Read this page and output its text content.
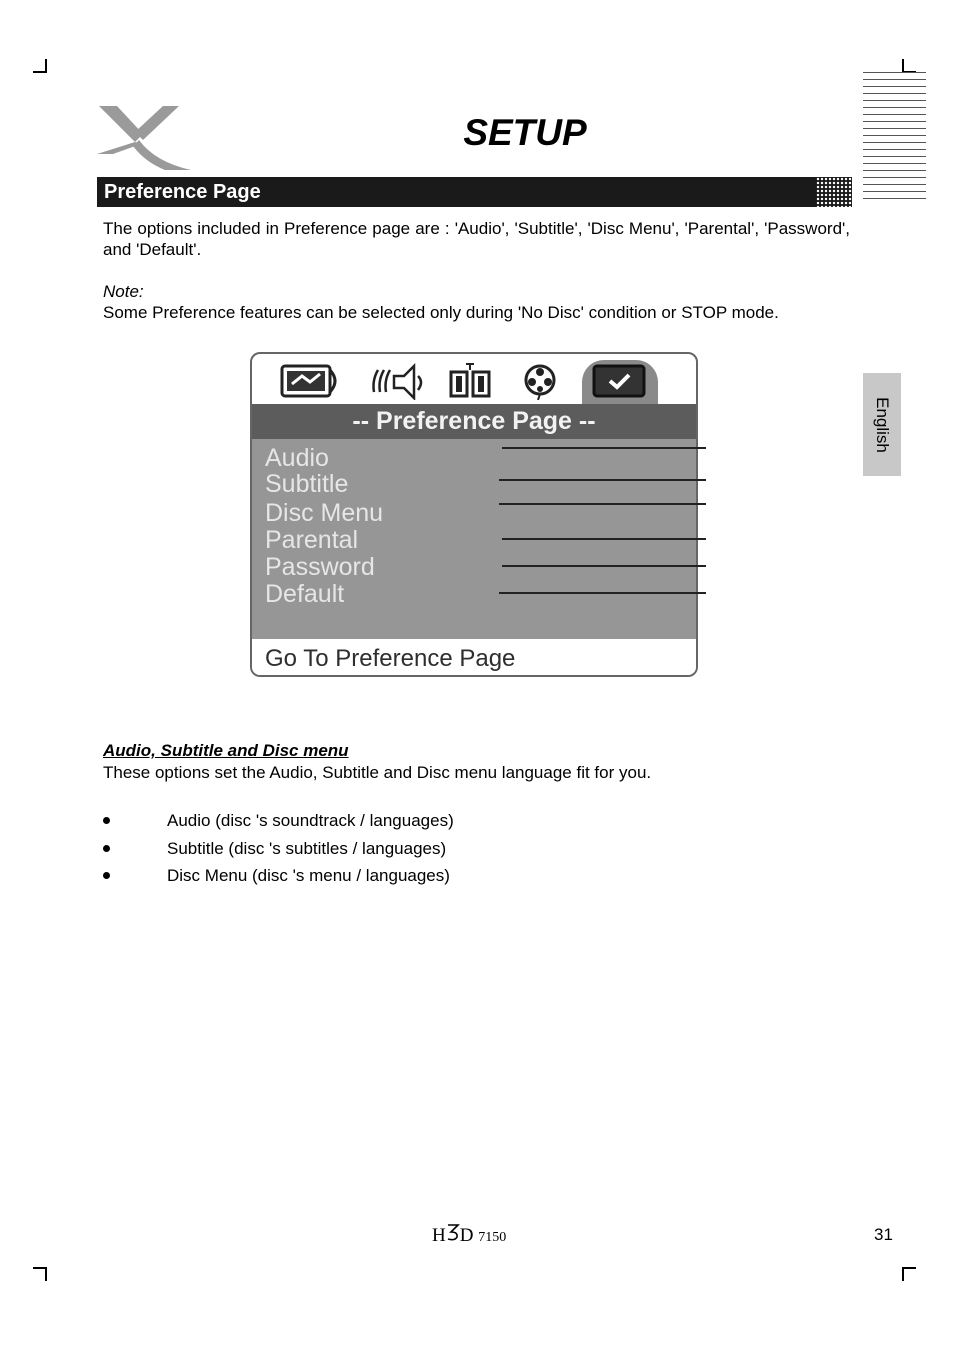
SETUP
Preference Page
English
The options included in Preference page are : 'Audio', 'Subtitle', 'Disc Menu', 'Parental', 'Password', and 'Default'.
Note:
Some Preference features can be selected only during 'No Disc' condition or STOP mode.
-- Preference Page --
Audio
Subtitle
Disc Menu
Parental
Password
Default
Go To Preference Page
Audio, Subtitle and Disc menu
These options set the Audio, Subtitle and Disc menu language fit for you.
Audio (disc 's soundtrack / languages)
Subtitle (disc 's subtitles / languages)
Disc Menu (disc 's menu / languages)
H D 7150	31
